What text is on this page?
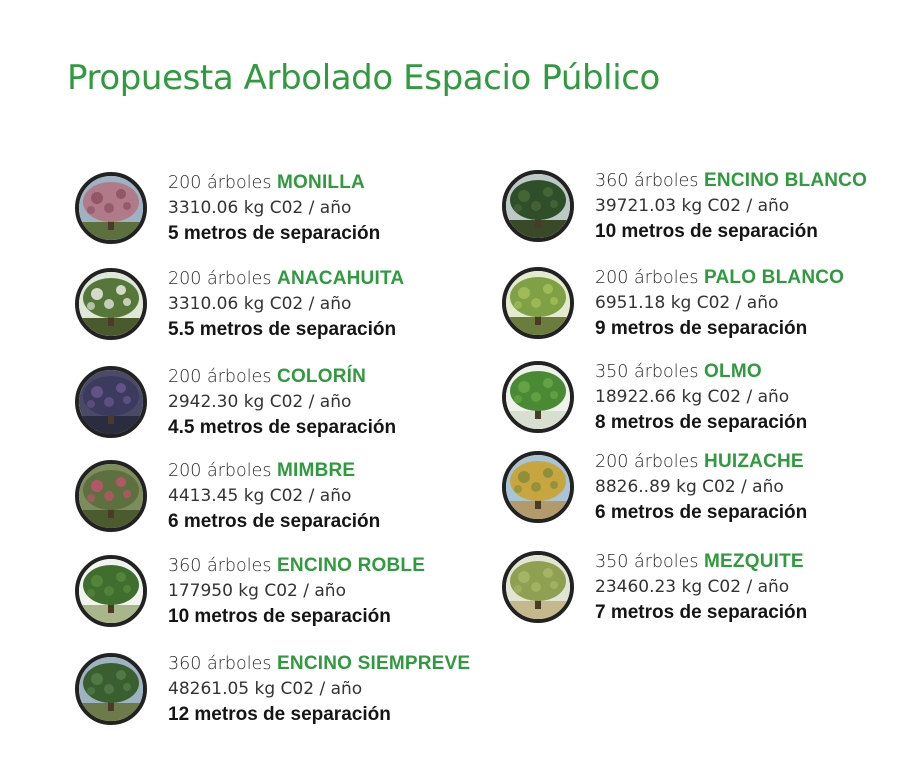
Propuesta Arbolado Espacio Público
200 árboles MONILLA
3310.06 kg C02 / año
5 metros de separación
200 árboles ANACAHUITA
3310.06 kg C02 / año
5.5 metros de separación
200 árboles COLORÍN
2942.30 kg C02 / año
4.5 metros de separación
200 árboles MIMBRE
4413.45 kg C02 / año
6 metros de separación
360 árboles ENCINO ROBLE
177950 kg C02 / año
10 metros de separación
360 árboles ENCINO SIEMPREVE
48261.05 kg C02 / año
12 metros de separación
360 árboles ENCINO BLANCO
39721.03 kg C02 / año
10 metros de separación
200 árboles PALO BLANCO
6951.18 kg C02 / año
9 metros de separación
350 árboles OLMO
18922.66 kg C02 / año
8 metros de separación
200 árboles HUIZACHE
8826..89 kg C02 / año
6 metros de separación
350 árboles MEZQUITE
23460.23 kg C02 / año
7 metros de separación
